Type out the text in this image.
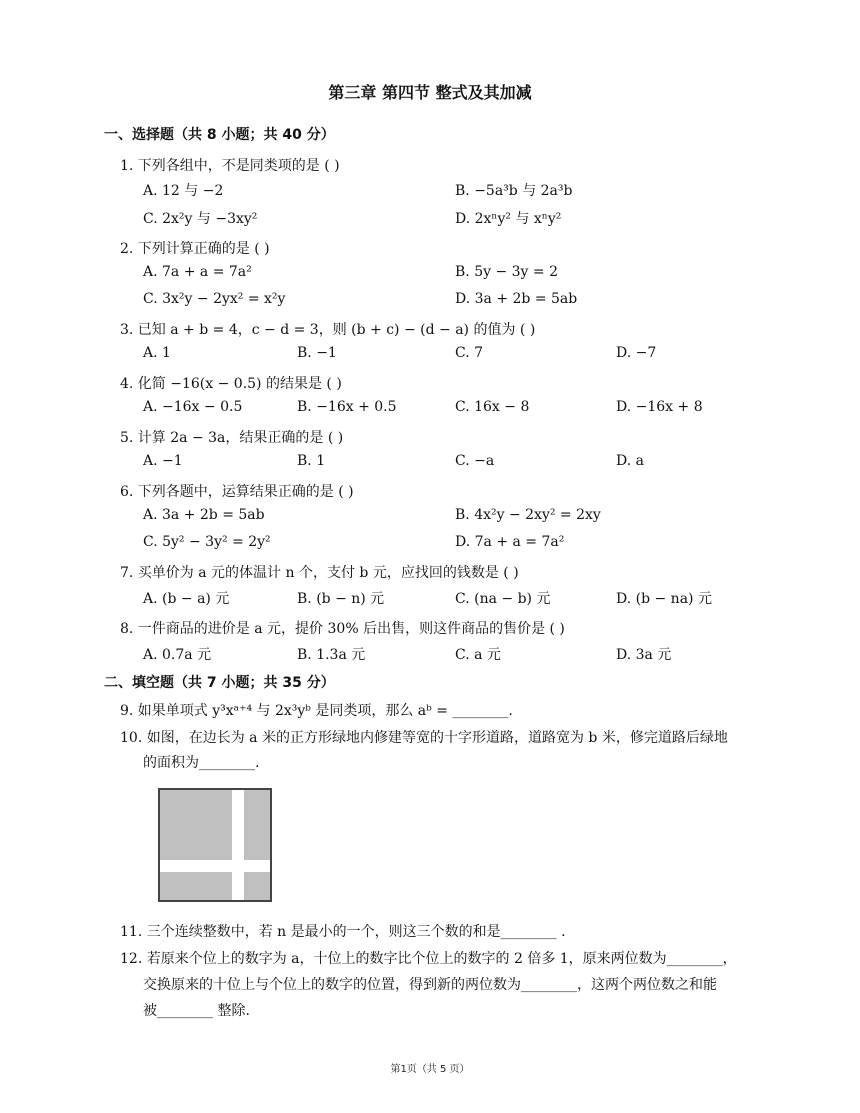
第三章 第四节 整式及其加减
一、选择题（共 8 小题；共 40 分）
1. 下列各组中，不是同类项的是 ( )
A. 12 与 −2	B. −5a³b 与 2a³b
C. 2x²y 与 −3xy²	D. 2xⁿy² 与 xⁿy²
2. 下列计算正确的是 ( )
A. 7a + a = 7a²	B. 5y − 3y = 2
C. 3x²y − 2yx² = x²y	D. 3a + 2b = 5ab
3. 已知 a + b = 4，c − d = 3，则 (b + c) − (d − a) 的值为 ( )
A. 1	B. −1	C. 7	D. −7
4. 化简 −16(x − 0.5) 的结果是 ( )
A. −16x − 0.5	B. −16x + 0.5	C. 16x − 8	D. −16x + 8
5. 计算 2a − 3a，结果正确的是 ( )
A. −1	B. 1	C. −a	D. a
6. 下列各题中，运算结果正确的是 ( )
A. 3a + 2b = 5ab	B. 4x²y − 2xy² = 2xy
C. 5y² − 3y² = 2y²	D. 7a + a = 7a²
7. 买单价为 a 元的体温计 n 个，支付 b 元，应找回的钱数是 ( )
A. (b − a) 元	B. (b − n) 元	C. (na − b) 元	D. (b − na) 元
8. 一件商品的进价是 a 元，提价 30% 后出售，则这件商品的售价是 ( )
A. 0.7a 元	B. 1.3a 元	C. a 元	D. 3a 元
二、填空题（共 7 小题；共 35 分）
9. 如果单项式 y³xᵃ⁺⁴ 与 2x³yᵇ 是同类项，那么 aᵇ = ________.
10. 如图，在边长为 a 米的正方形绿地内修建等宽的十字形道路，道路宽为 b 米，修完道路后绿地
的面积为________.
11. 三个连续整数中，若 n 是最小的一个，则这三个数的和是________ .
12. 若原来个位上的数字为 a，十位上的数字比个位上的数字的 2 倍多 1，原来两位数为________，
交换原来的十位上与个位上的数字的位置，得到新的两位数为________，这两个两位数之和能
被________ 整除.
第1页（共 5 页）
